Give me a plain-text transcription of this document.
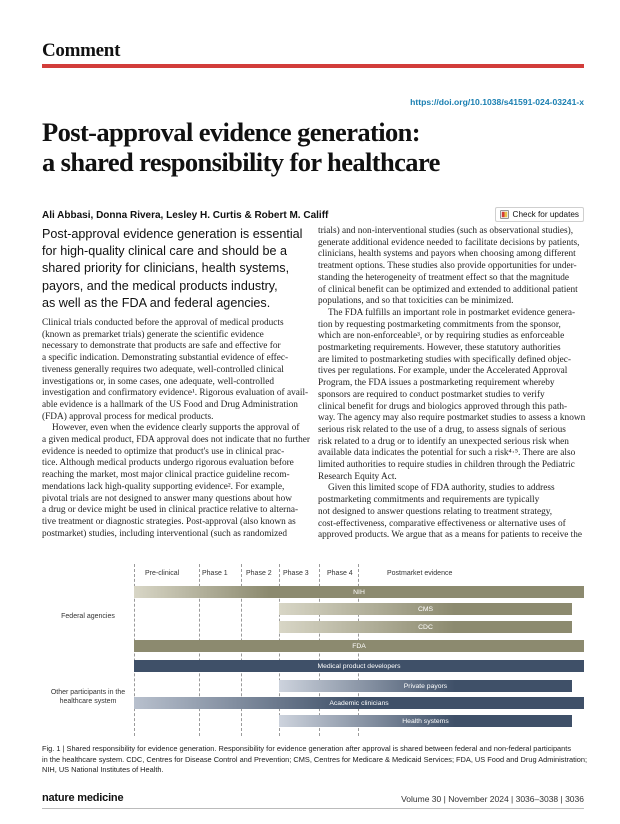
Comment
https://doi.org/10.1038/s41591-024-03241-x
Post-approval evidence generation:
a shared responsibility for healthcare
Ali Abbasi, Donna Rivera, Lesley H. Curtis & Robert M. Califf	Check for updates
Post-approval evidence generation is essential
for high-quality clinical care and should be a
shared priority for clinicians, health systems,
payors, and the medical products industry,
as well as the FDA and federal agencies.
Clinical trials conducted before the approval of medical products
(known as premarket trials) generate the scientific evidence
necessary to demonstrate that products are safe and effective for
a specific indication. Demonstrating substantial evidence of effec-
tiveness generally requires two adequate, well-controlled clinical
investigations or, in some cases, one adequate, well-controlled
investigation and confirmatory evidence¹. Rigorous evaluation of avail-
able evidence is a hallmark of the US Food and Drug Administration
(FDA) approval process for medical products.
However, even when the evidence clearly supports the approval of
a given medical product, FDA approval does not indicate that no further
evidence is needed to optimize that product's use in clinical prac-
tice. Although medical products undergo rigorous evaluation before
reaching the market, most major clinical practice guideline recom-
mendations lack high-quality supporting evidence². For example,
pivotal trials are not designed to answer many questions about how
a drug or device might be used in clinical practice relative to alterna-
tive treatment or diagnostic strategies. Post-approval (also known as
postmarket) studies, including interventional (such as randomized
trials) and non-interventional studies (such as observational studies),
generate additional evidence needed to facilitate decisions by patients,
clinicians, health systems and payors when choosing among different
treatment options. These studies also provide opportunities for under-
standing the heterogeneity of treatment effect so that the magnitude
of clinical benefit can be optimized and extended to additional patient
populations, and so that toxicities can be minimized.
The FDA fulfills an important role in postmarket evidence genera-
tion by requesting postmarketing commitments from the sponsor,
which are non-enforceable³, or by requiring studies as enforceable
postmarketing requirements. However, these statutory authorities
are limited to postmarketing studies with specifically defined objec-
tives per regulations. For example, under the Accelerated Approval
Program, the FDA issues a postmarketing requirement whereby
sponsors are required to conduct postmarket studies to verify
clinical benefit for drugs and biologics approved through this path-
way. The agency may also require postmarket studies to assess a known
serious risk related to the use of a drug, to assess signals of serious
risk related to a drug or to identify an unexpected serious risk when
available data indicates the potential for such a risk⁴·⁵. There are also
limited authorities to require studies in children through the Pediatric
Research Equity Act.
Given this limited scope of FDA authority, studies to address
postmarketing commitments and requirements are typically
not designed to answer questions relating to treatment strategy,
cost-effectiveness, comparative effectiveness or alternative uses of
approved products. We argue that as a means for patients to receive the
Pre-clinical	Phase 1	Phase 2 Phase 3	Phase 4	Postmarket evidence
Federal agencies
Other participants in the healthcare system
NIH
CMS
CDC
FDA
Medical product developers
Private payors
Academic clinicians
Health systems
Fig. 1 | Shared responsibility for evidence generation. Responsibility for evidence generation after approval is shared between federal and non-federal participants
in the healthcare system. CDC, Centres for Disease Control and Prevention; CMS, Centres for Medicare & Medicaid Services; FDA, US Food and Drug Administration;
NIH, US National Institutes of Health.
nature medicine	Volume 30 | November 2024 | 3036–3038 | 3036
